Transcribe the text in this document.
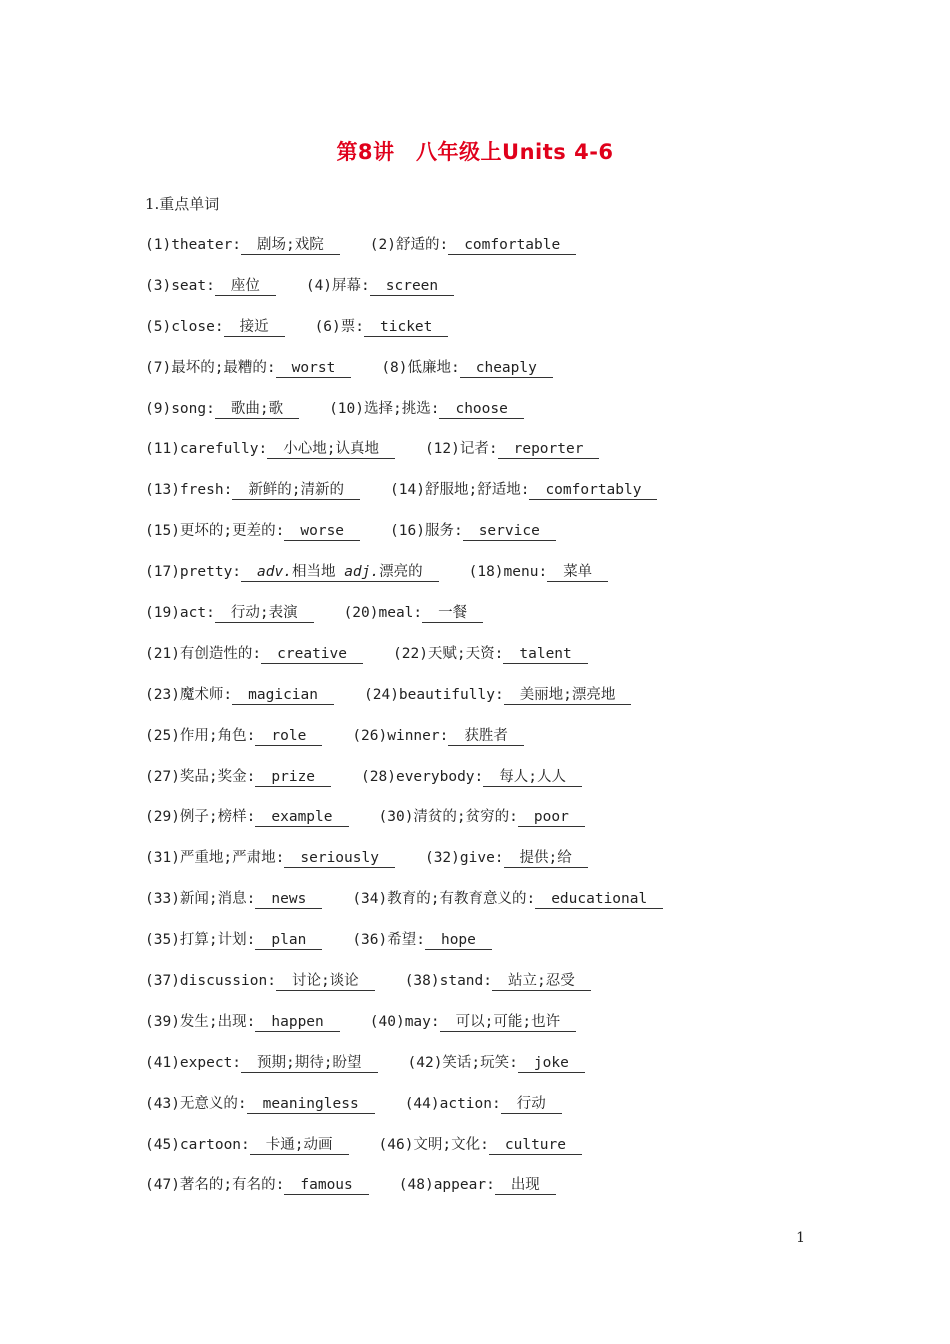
第8讲　八年级上Units 4-6
1.重点单词
(1)theater: 剧场;戏院	(2)舒适的: comfortable
(3)seat: 座位	(4)屏幕: screen
(5)close: 接近	(6)票: ticket
(7)最坏的;最糟的: worst	(8)低廉地: cheaply
(9)song: 歌曲;歌	(10)选择;挑选: choose
(11)carefully: 小心地;认真地	(12)记者: reporter
(13)fresh: 新鲜的;清新的	(14)舒服地;舒适地: comfortably
(15)更坏的;更差的: worse	(16)服务: service
(17)pretty: adv.相当地 adj.漂亮的	(18)menu: 菜单
(19)act: 行动;表演	(20)meal: 一餐
(21)有创造性的: creative	(22)天赋;天资: talent
(23)魔术师: magician	(24)beautifully: 美丽地;漂亮地
(25)作用;角色: role	(26)winner: 获胜者
(27)奖品;奖金: prize	(28)everybody: 每人;人人
(29)例子;榜样: example	(30)清贫的;贫穷的: poor
(31)严重地;严肃地: seriously	(32)give: 提供;给
(33)新闻;消息: news	(34)教育的;有教育意义的: educational
(35)打算;计划: plan	(36)希望: hope
(37)discussion: 讨论;谈论	(38)stand: 站立;忍受
(39)发生;出现: happen	(40)may: 可以;可能;也许
(41)expect: 预期;期待;盼望	(42)笑话;玩笑: joke
(43)无意义的: meaningless	(44)action: 行动
(45)cartoon: 卡通;动画	(46)文明;文化: culture
(47)著名的;有名的: famous	(48)appear: 出现
1
